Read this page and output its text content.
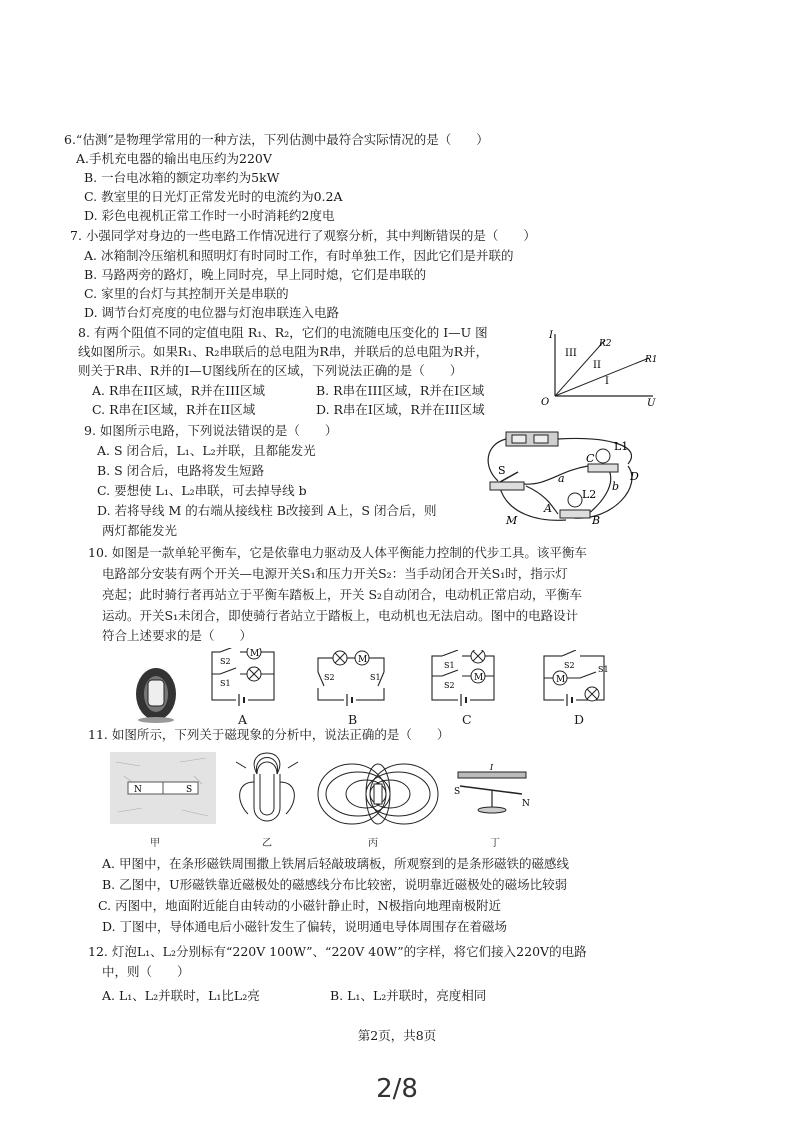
6.“估测”是物理学常用的一种方法，下列估测中最符合实际情况的是（　　）
A.手机充电器的输出电压约为220V
B. 一台电冰箱的额定功率约为5kW
C. 教室里的日光灯正常发光时的电流约为0.2A
D. 彩色电视机正常工作时一小时消耗约2度电
7. 小强同学对身边的一些电路工作情况进行了观察分析，其中判断错误的是（　　）
A. 冰箱制冷压缩机和照明灯有时同时工作，有时单独工作，因此它们是并联的
B. 马路两旁的路灯，晚上同时亮，早上同时熄，它们是串联的
C. 家里的台灯与其控制开关是串联的
D. 调节台灯亮度的电位器与灯泡串联连入电路
8. 有两个阻值不同的定值电阻 R₁、R₂，它们的电流随电压变化的 I—U 图
线如图所示。如果R₁、R₂串联后的总电阻为R串，并联后的总电阻为R并，
则关于R串、R并的I—U图线所在的区域，下列说法正确的是（　　）
A. R串在II区域，R并在III区域	B. R串在III区域，R并在I区域
C. R串在I区域，R并在II区域	D. R串在I区域，R并在III区域
I
U
O
R2
R1
III
II
I
9. 如图所示电路，下列说法错误的是（　　）
A. S 闭合后，L₁、L₂并联，且都能发光
B. S 闭合后，电路将发生短路
C. 要想使 L₁、L₂串联，可去掉导线 b
D. 若将导线 M 的右端从接线柱 B改接到 A上，S 闭合后，则
两灯都能发光
S
L1
L2
C
D
A
B
M
a
b
10. 如图是一款单轮平衡车，它是依靠电力驱动及人体平衡能力控制的代步工具。该平衡车
电路部分安装有两个开关—电源开关S₁和压力开关S₂：当手动闭合开关S₁时，指示灯
亮起；此时骑行者再站立于平衡车踏板上，开关 S₂自动闭合，电动机正常启动，平衡车
运动。开关S₁未闭合，即使骑行者站立于踏板上，电动机也无法启动。图中的电路设计
符合上述要求的是（　　）
M
S2
S1
A
M
S2	S1
B
M
S1
S2
C
M
S2	S1
D
11. 如图所示，下列关于磁现象的分析中，说法正确的是（　　）
N	S
甲	乙	丙
I
S
N
丁
A. 甲图中，在条形磁铁周围撒上铁屑后轻敲玻璃板，所观察到的是条形磁铁的磁感线
B. 乙图中，U形磁铁靠近磁极处的磁感线分布比较密，说明靠近磁极处的磁场比较弱
C. 丙图中，地面附近能自由转动的小磁针静止时，N极指向地理南极附近
D. 丁图中，导体通电后小磁针发生了偏转，说明通电导体周围存在着磁场
12. 灯泡L₁、L₂分别标有“220V 100W”、“220V 40W”的字样，将它们接入220V的电路
中，则（　　）
A. L₁、L₂并联时，L₁比L₂亮	B. L₁、L₂并联时，亮度相同
第2页，共8页
2/8
